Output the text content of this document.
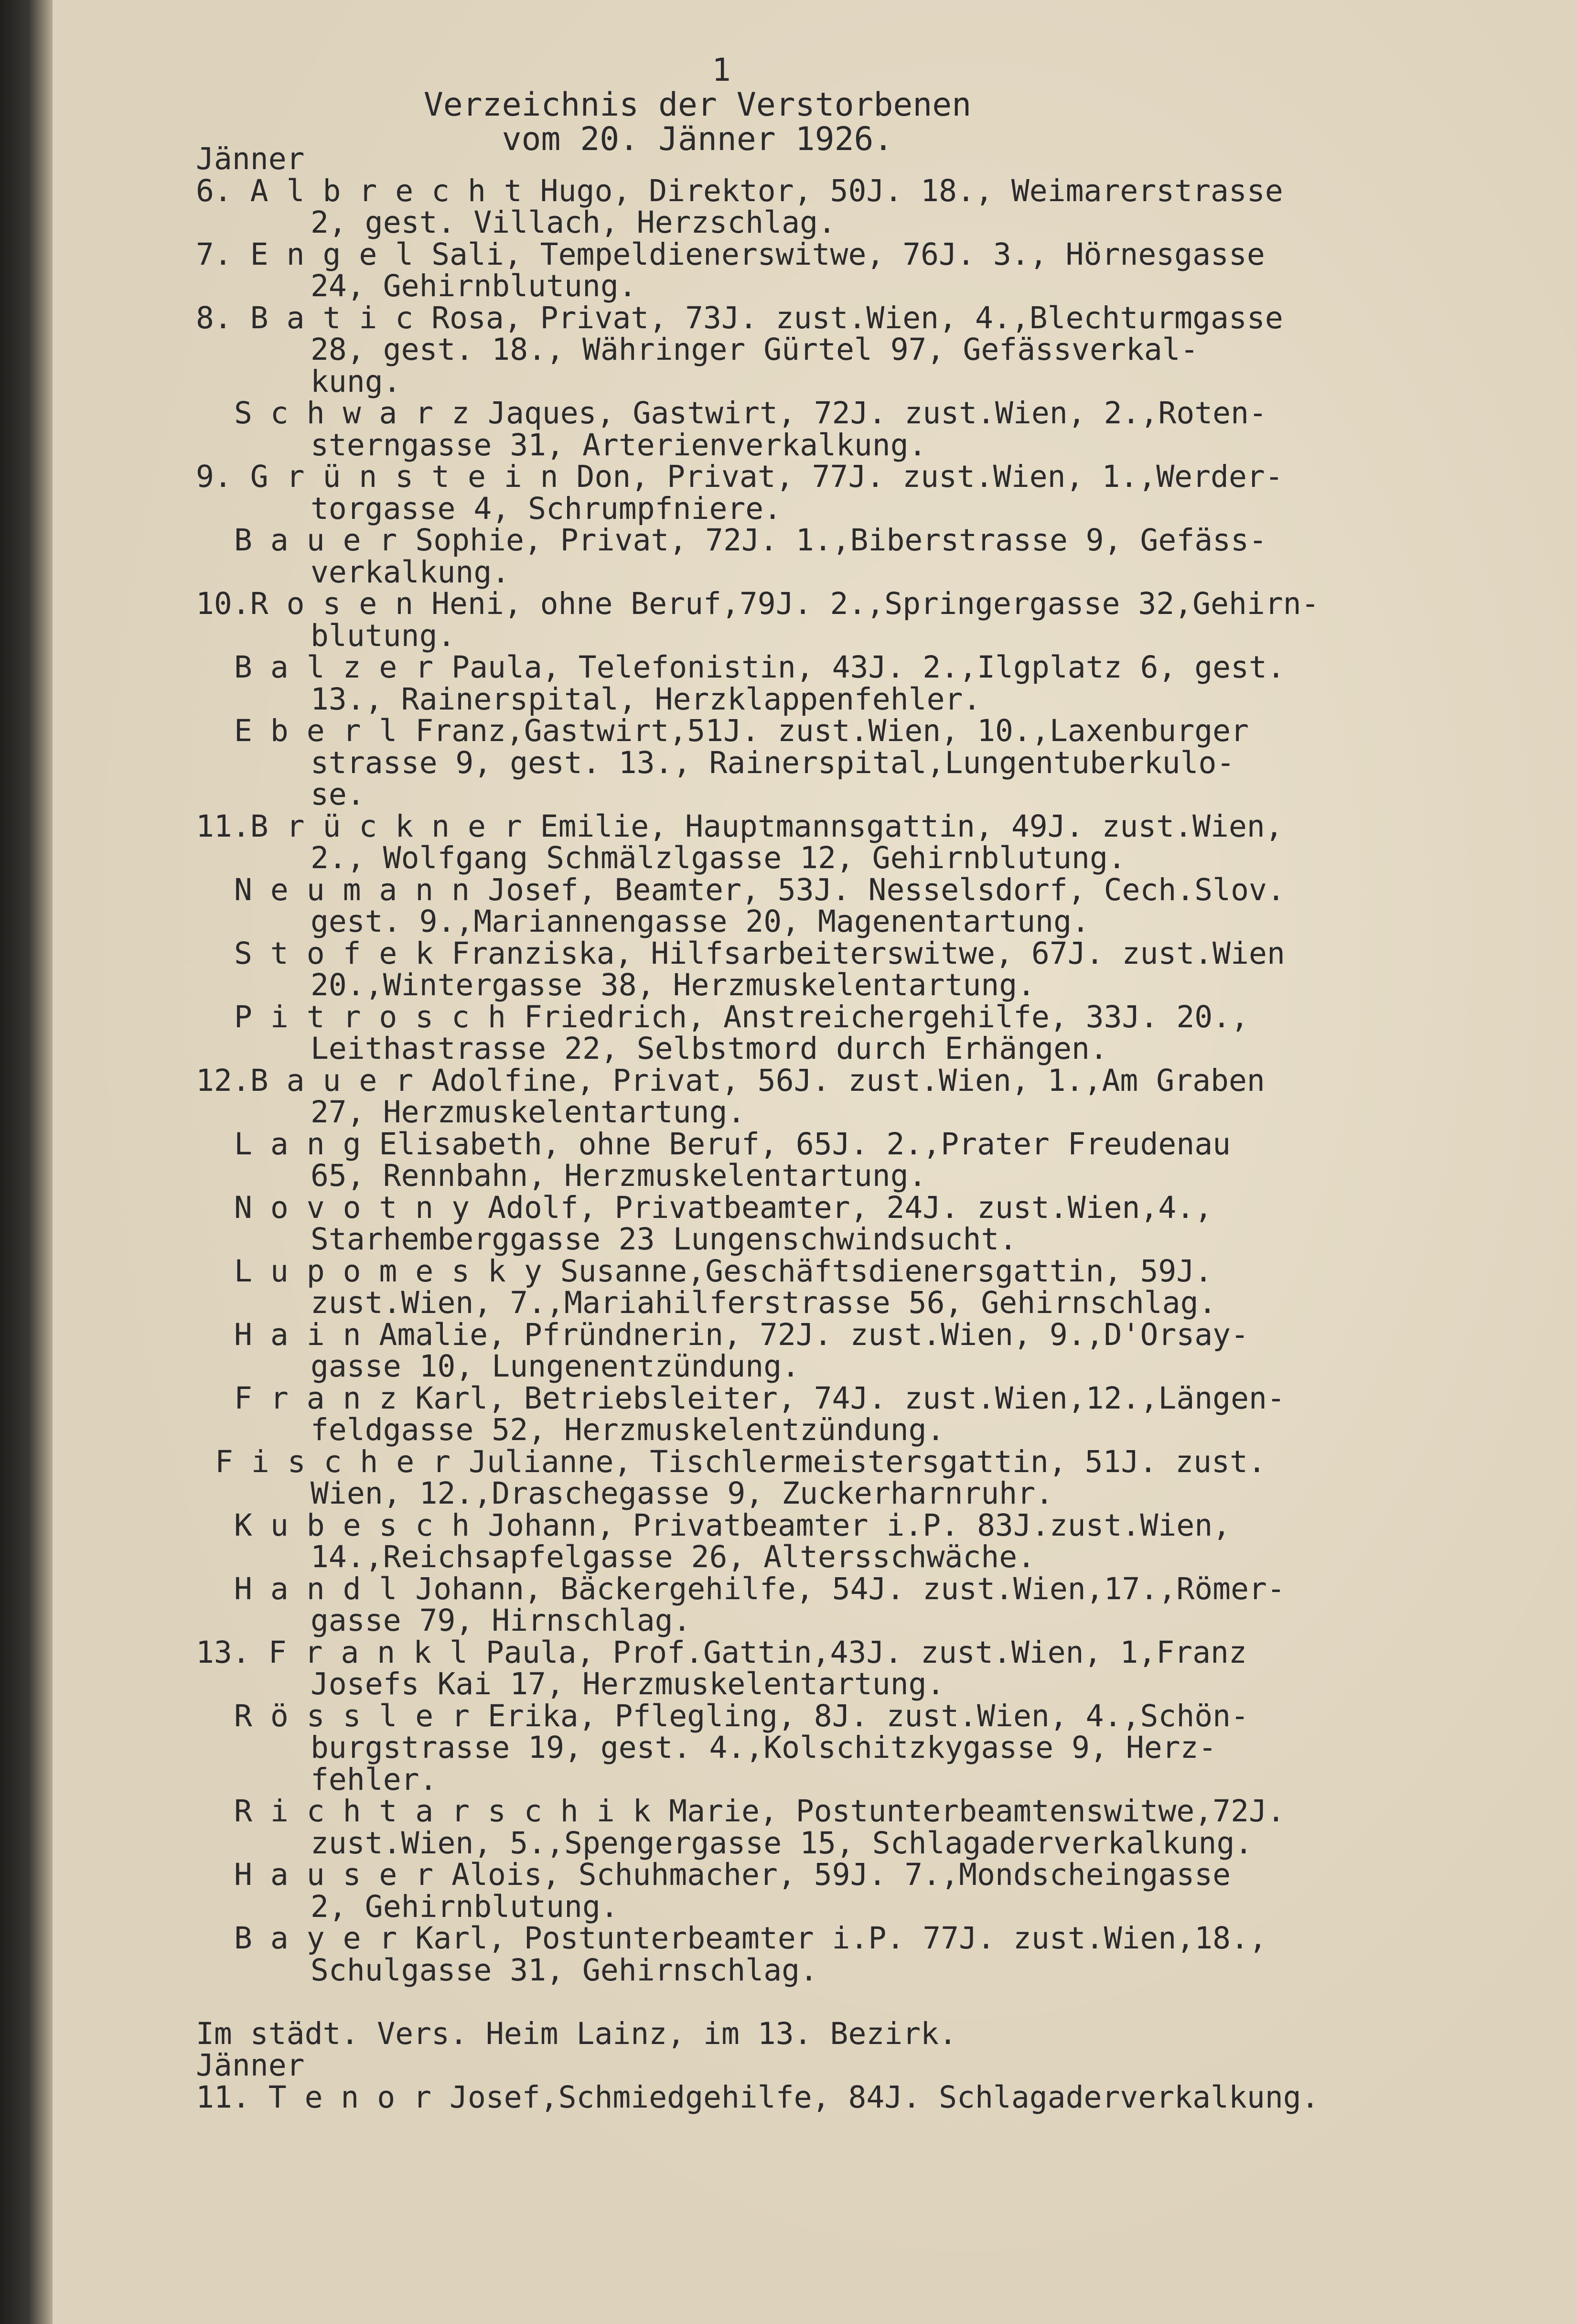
1
Verzeichnis der Verstorbenen
vom 20. Jänner 1926.
Jänner
6. A l b r e c h t Hugo, Direktor, 50J. 18., Weimarerstrasse
2, gest. Villach, Herzschlag.
7. E n g e l Sali, Tempeldienerswitwe, 76J. 3., Hörnesgasse
24, Gehirnblutung.
8. B a t i c Rosa, Privat, 73J. zust.Wien, 4.,Blechturmgasse
28, gest. 18., Währinger Gürtel 97, Gefässverkal-
kung.
S c h w a r z Jaques, Gastwirt, 72J. zust.Wien, 2.,Roten-
sterngasse 31, Arterienverkalkung.
9. G r ü n s t e i n Don, Privat, 77J. zust.Wien, 1.,Werder-
torgasse 4, Schrumpfniere.
B a u e r Sophie, Privat, 72J. 1.,Biberstrasse 9, Gefäss-
verkalkung.
10.R o s e n Heni, ohne Beruf,79J. 2.,Springergasse 32,Gehirn-
blutung.
B a l z e r Paula, Telefonistin, 43J. 2.,Ilgplatz 6, gest.
13., Rainerspital, Herzklappenfehler.
E b e r l Franz,Gastwirt,51J. zust.Wien, 10.,Laxenburger
strasse 9, gest. 13., Rainerspital,Lungentuberkulo-
se.
11.B r ü c k n e r Emilie, Hauptmannsgattin, 49J. zust.Wien,
2., Wolfgang Schmälzlgasse 12, Gehirnblutung.
N e u m a n n Josef, Beamter, 53J. Nesselsdorf, Cech.Slov.
gest. 9.,Mariannengasse 20, Magenentartung.
S t o f e k Franziska, Hilfsarbeiterswitwe, 67J. zust.Wien
20.,Wintergasse 38, Herzmuskelentartung.
P i t r o s c h Friedrich, Anstreichergehilfe, 33J. 20.,
Leithastrasse 22, Selbstmord durch Erhängen.
12.B a u e r Adolfine, Privat, 56J. zust.Wien, 1.,Am Graben
27, Herzmuskelentartung.
L a n g Elisabeth, ohne Beruf, 65J. 2.,Prater Freudenau
65, Rennbahn, Herzmuskelentartung.
N o v o t n y Adolf, Privatbeamter, 24J. zust.Wien,4.,
Starhemberggasse 23 Lungenschwindsucht.
L u p o m e s k y Susanne,Geschäftsdienersgattin, 59J.
zust.Wien, 7.,Mariahilferstrasse 56, Gehirnschlag.
H a i n Amalie, Pfründnerin, 72J. zust.Wien, 9.,D'Orsay-
gasse 10, Lungenentzündung.
F r a n z Karl, Betriebsleiter, 74J. zust.Wien,12.,Längen-
feldgasse 52, Herzmuskelentzündung.
F i s c h e r Julianne, Tischlermeistersgattin, 51J. zust.
Wien, 12.,Draschegasse 9, Zuckerharnruhr.
K u b e s c h Johann, Privatbeamter i.P. 83J.zust.Wien,
14.,Reichsapfelgasse 26, Altersschwäche.
H a n d l Johann, Bäckergehilfe, 54J. zust.Wien,17.,Römer-
gasse 79, Hirnschlag.
13. F r a n k l Paula, Prof.Gattin,43J. zust.Wien, 1,Franz
Josefs Kai 17, Herzmuskelentartung.
R ö s s l e r Erika, Pflegling, 8J. zust.Wien, 4.,Schön-
burgstrasse 19, gest. 4.,Kolschitzkygasse 9, Herz-
fehler.
R i c h t a r s c h i k Marie, Postunterbeamtenswitwe,72J.
zust.Wien, 5.,Spengergasse 15, Schlagaderverkalkung.
H a u s e r Alois, Schuhmacher, 59J. 7.,Mondscheingasse
2, Gehirnblutung.
B a y e r Karl, Postunterbeamter i.P. 77J. zust.Wien,18.,
Schulgasse 31, Gehirnschlag.
Im städt. Vers. Heim Lainz, im 13. Bezirk.
Jänner
11. T e n o r Josef,Schmiedgehilfe, 84J. Schlagaderverkalkung.
